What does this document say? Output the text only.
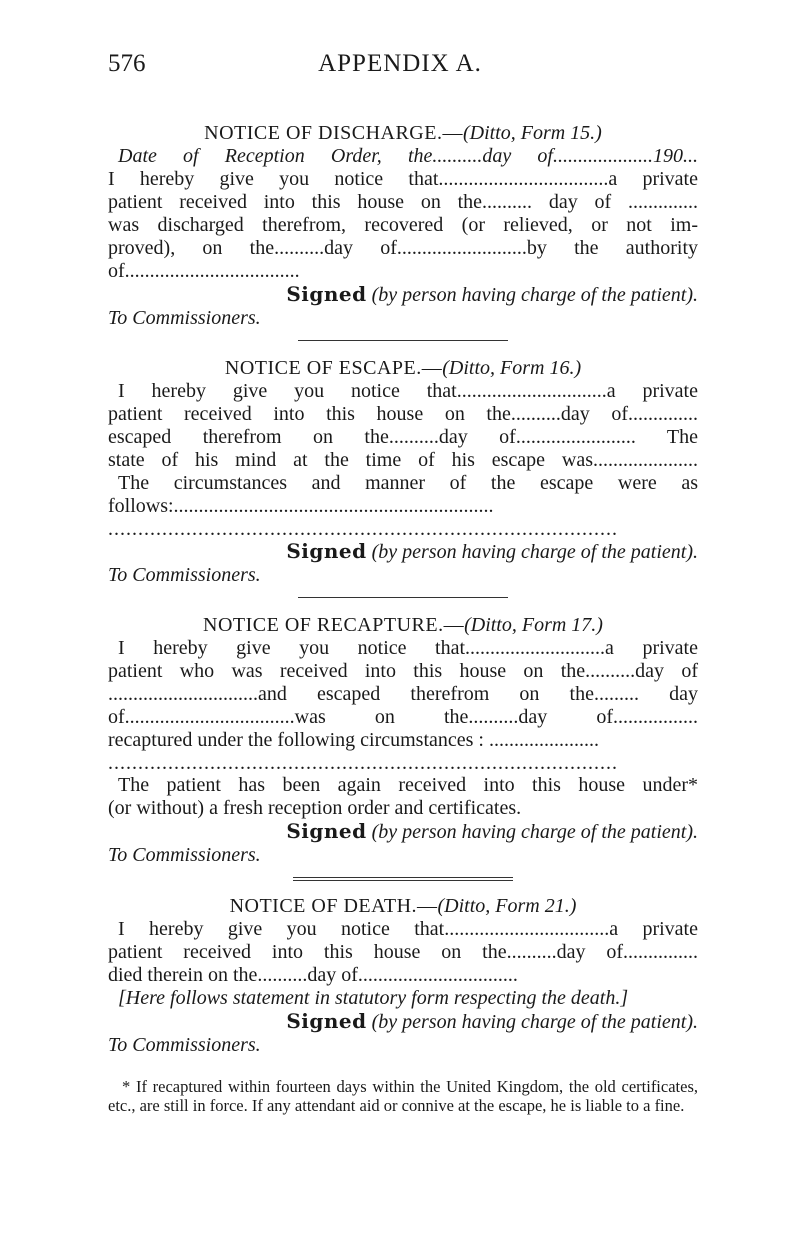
576	APPENDIX A.

NOTICE OF DISCHARGE.—(Ditto, Form 15.)

Date of Reception Order, the..........day of....................190...

I hereby give you notice that..................................a private

patient received into this house on the.......... day of ..............

was discharged therefrom, recovered (or relieved, or not im-

proved), on the..........day of..........................by the authority

of...................................

Signed (by person having charge of the patient).

To Commissioners.

NOTICE OF ESCAPE.—(Ditto, Form 16.)

I hereby give you notice that..............................a private

patient received into this house on the..........day of..............

escaped therefrom on the..........day of........................ The

state of his mind at the time of his escape was.....................

The circumstances and manner of the escape were as

follows:................................................................

.....................................................................................

Signed (by person having charge of the patient).

To Commissioners.

NOTICE OF RECAPTURE.—(Ditto, Form 17.)

I hereby give you notice that............................a private

patient who was received into this house on the..........day of

..............................and escaped therefrom on the......... day

of..................................was on the..........day of.................

recaptured under the following circumstances : ......................

.....................................................................................

The patient has been again received into this house under*

(or without) a fresh reception order and certificates.

Signed (by person having charge of the patient).

To Commissioners.

NOTICE OF DEATH.—(Ditto, Form 21.)

I hereby give you notice that.................................a private

patient received into this house on the..........day of...............

died therein on the..........day of................................

[Here follows statement in statutory form respecting the death.]

Signed (by person having charge of the patient).

To Commissioners.

* If recaptured within fourteen days within the United Kingdom, the old certificates, etc., are still in force. If any attendant aid or connive at the escape, he is liable to a fine.
